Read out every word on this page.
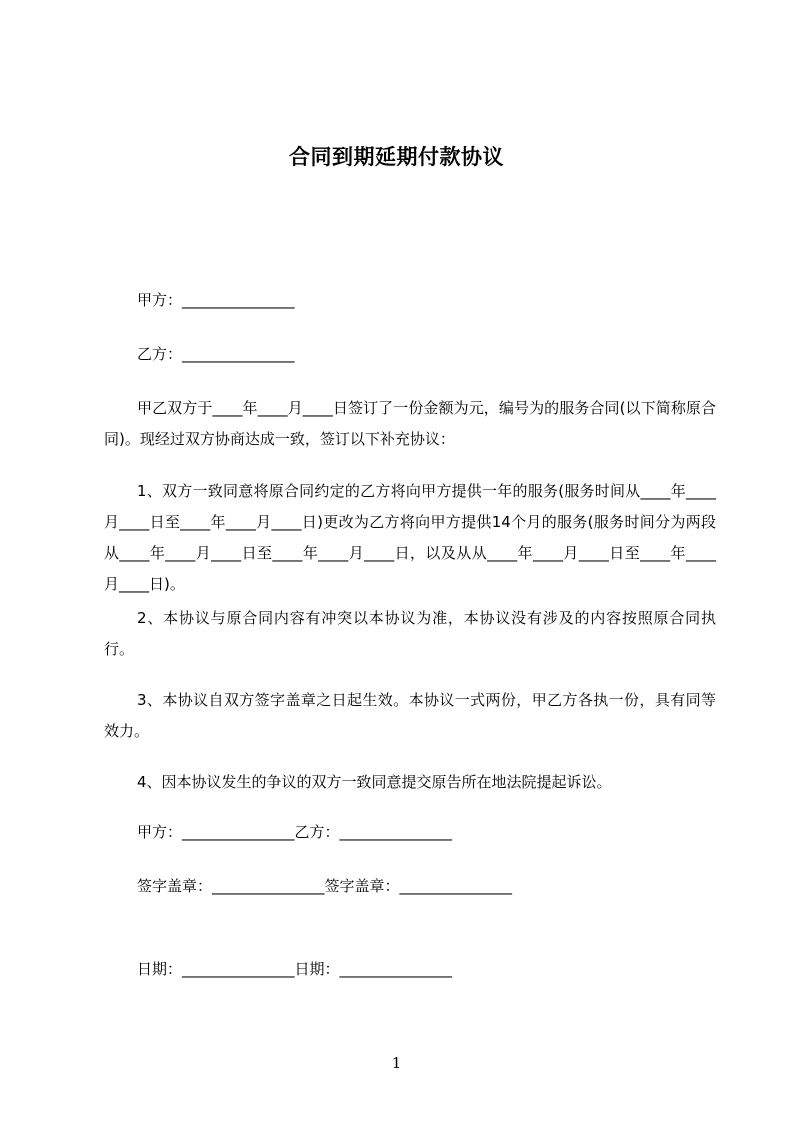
合同到期延期付款协议
甲方：_______________
乙方：_______________
甲乙双方于____年____月____日签订了一份金额为元，编号为的服务合同(以下简称原合同)。现经过双方协商达成一致，签订以下补充协议：
1、双方一致同意将原合同约定的乙方将向甲方提供一年的服务(服务时间从____年____月____日至____年____月____日)更改为乙方将向甲方提供14个月的服务(服务时间分为两段从____年____月____日至____年____月____日，以及从从____年____月____日至____年____月____日)。
2、本协议与原合同内容有冲突以本协议为准，本协议没有涉及的内容按照原合同执行。
3、本协议自双方签字盖章之日起生效。本协议一式两份，甲乙方各执一份，具有同等效力。
4、因本协议发生的争议的双方一致同意提交原告所在地法院提起诉讼。
甲方：_______________乙方：_______________
签字盖章：_______________签字盖章：_______________
日期：_______________日期：_______________
1
